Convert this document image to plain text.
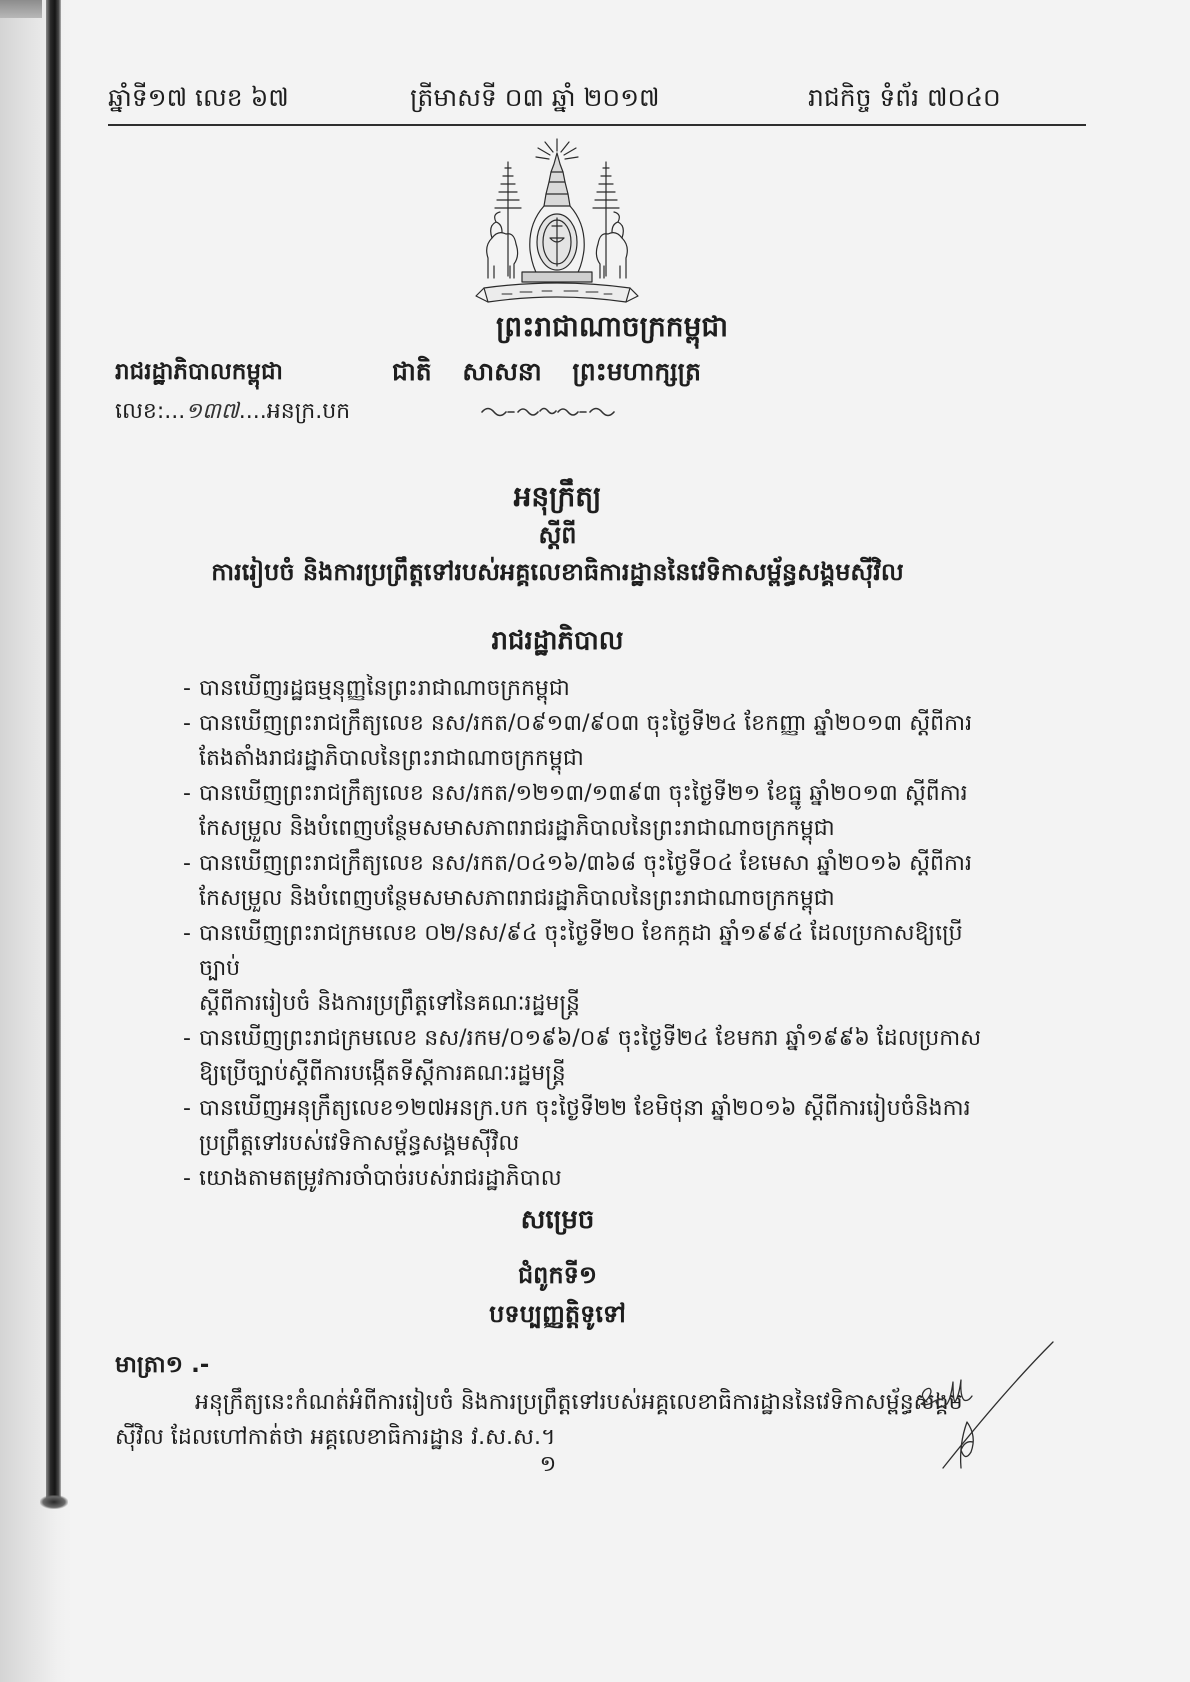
ឆ្នាំទី១៧ លេខ ៦៧	ត្រីមាសទី ០៣ ឆ្នាំ ២០១៧	រាជកិច្ច ទំព័រ ៧០៤០
ព្រះរាជាណាចក្រកម្ពុជា
ជាតិ សាសនា ព្រះមហាក្សត្រ
រាជរដ្ឋាភិបាលកម្ពុជា
លេខ:...១៣៧....អនក្រ.បក
អនុក្រឹត្យ
ស្តីពី
ការរៀបចំ និងការប្រព្រឹត្តទៅរបស់អគ្គលេខាធិការដ្ឋាននៃវេទិកាសម្ព័ន្ធសង្គមស៊ីវិល
រាជរដ្ឋាភិបាល
- បានឃើញរដ្ឋធម្មនុញ្ញនៃព្រះរាជាណាចក្រកម្ពុជា
- បានឃើញព្រះរាជក្រឹត្យលេខ នស/រកត/០៩១៣/៩០៣ ចុះថ្ងៃទី២៤ ខែកញ្ញា ឆ្នាំ២០១៣ ស្តីពីការ
តែងតាំងរាជរដ្ឋាភិបាលនៃព្រះរាជាណាចក្រកម្ពុជា
- បានឃើញព្រះរាជក្រឹត្យលេខ នស/រកត/១២១៣/១៣៩៣ ចុះថ្ងៃទី២១ ខែធ្នូ ឆ្នាំ២០១៣ ស្តីពីការ
កែសម្រួល និងបំពេញបន្ថែមសមាសភាពរាជរដ្ឋាភិបាលនៃព្រះរាជាណាចក្រកម្ពុជា
- បានឃើញព្រះរាជក្រឹត្យលេខ នស/រកត/០៤១៦/៣៦៨ ចុះថ្ងៃទី០៤ ខែមេសា ឆ្នាំ២០១៦ ស្តីពីការ
កែសម្រួល និងបំពេញបន្ថែមសមាសភាពរាជរដ្ឋាភិបាលនៃព្រះរាជាណាចក្រកម្ពុជា
- បានឃើញព្រះរាជក្រមលេខ ០២/នស/៩៤ ចុះថ្ងៃទី២០ ខែកក្កដា ឆ្នាំ១៩៩៤ ដែលប្រកាសឱ្យប្រើច្បាប់
ស្តីពីការរៀបចំ និងការប្រព្រឹត្តទៅនៃគណៈរដ្ឋមន្ត្រី
- បានឃើញព្រះរាជក្រមលេខ នស/រកម/០១៩៦/០៩ ចុះថ្ងៃទី២៤ ខែមករា ឆ្នាំ១៩៩៦ ដែលប្រកាស
ឱ្យប្រើច្បាប់ស្តីពីការបង្កើតទីស្តីការគណៈរដ្ឋមន្ត្រី
- បានឃើញអនុក្រឹត្យលេខ១២៧អនក្រ.បក ចុះថ្ងៃទី២២ ខែមិថុនា ឆ្នាំ២០១៦ ស្តីពីការរៀបចំនិងការ
ប្រព្រឹត្តទៅរបស់វេទិកាសម្ព័ន្ធសង្គមស៊ីវិល
- យោងតាមតម្រូវការចាំបាច់របស់រាជរដ្ឋាភិបាល
សម្រេច
ជំពូកទី១
បទប្បញ្ញត្តិទូទៅ
មាត្រា១ .-
អនុក្រឹត្យនេះកំណត់អំពីការរៀបចំ និងការប្រព្រឹត្តទៅរបស់អគ្គលេខាធិការដ្ឋាននៃវេទិកាសម្ព័ន្ធសង្គម
ស៊ីវិល ដែលហៅកាត់ថា អគ្គលេខាធិការដ្ឋាន វ.ស.ស.។
១
